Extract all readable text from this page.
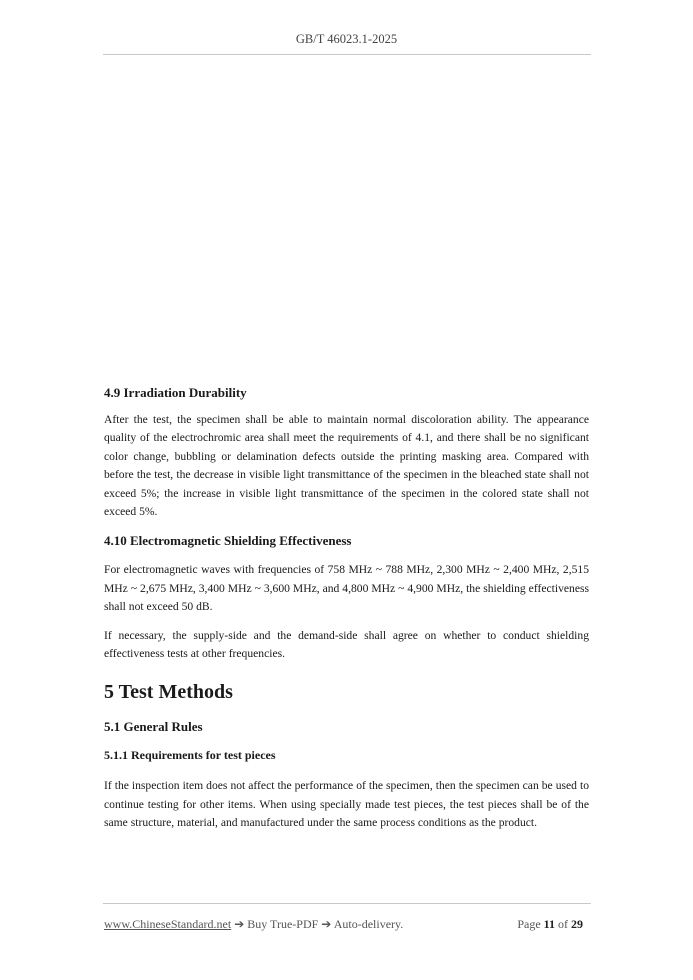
GB/T 46023.1-2025
4.9 Irradiation Durability

After the test, the specimen shall be able to maintain normal discoloration ability. The appearance quality of the electrochromic area shall meet the requirements of 4.1, and there shall be no significant color change, bubbling or delamination defects outside the printing masking area. Compared with before the test, the decrease in visible light transmittance of the specimen in the bleached state shall not exceed 5%; the increase in visible light transmittance of the specimen in the colored state shall not exceed 5%.

4.10 Electromagnetic Shielding Effectiveness

For electromagnetic waves with frequencies of 758 MHz ~ 788 MHz, 2,300 MHz ~ 2,400 MHz, 2,515 MHz ~ 2,675 MHz, 3,400 MHz ~ 3,600 MHz, and 4,800 MHz ~ 4,900 MHz, the shielding effectiveness shall not exceed 50 dB.

If necessary, the supply-side and the demand-side shall agree on whether to conduct shielding effectiveness tests at other frequencies.

5 Test Methods
5.1 General Rules
5.1.1 Requirements for test pieces

If the inspection item does not affect the performance of the specimen, then the specimen can be used to continue testing for other items. When using specially made test pieces, the test pieces shall be of the same structure, material, and manufactured under the same process conditions as the product.

www.ChineseStandard.net ➔ Buy True-PDF ➔ Auto-delivery.	Page 11 of 29
